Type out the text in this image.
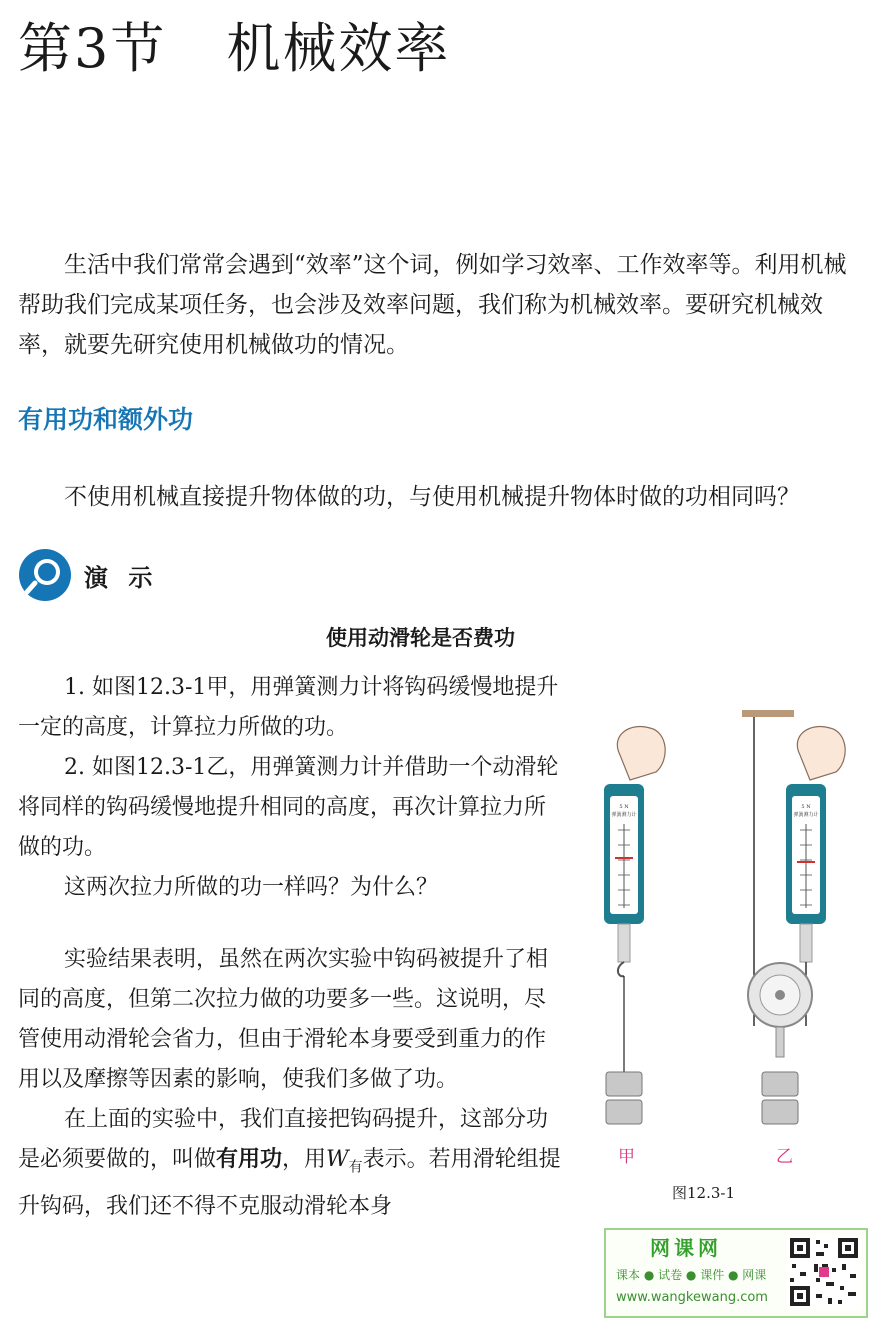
第3节 机械效率
生活中我们常常会遇到“效率”这个词，例如学习效率、工作效率等。利用机械帮助我们完成某项任务，也会涉及效率问题，我们称为机械效率。要研究机械效率，就要先研究使用机械做功的情况。
有用功和额外功
不使用机械直接提升物体做的功，与使用机械提升物体时做的功相同吗？
演 示
使用动滑轮是否费功

1. 如图12.3-1甲，用弹簧测力计将钩码缓慢地提升一定的高度，计算拉力所做的功。

2. 如图12.3-1乙，用弹簧测力计并借助一个动滑轮将同样的钩码缓慢地提升相同的高度，再次计算拉力所做的功。

这两次拉力所做的功一样吗？为什么？

实验结果表明，虽然在两次实验中钩码被提升了相同的高度，但第二次拉力做的功要多一些。这说明，尽管使用动滑轮会省力，但由于滑轮本身要受到重力的作用以及摩擦等因素的影响，使我们多做了功。

在上面的实验中，我们直接把钩码提升，这部分功是必须要做的，叫做有用功，用$W_有$表示。若用滑轮组提升钩码，我们还不得不克服动滑轮本身

5 N
弹簧测力计
5 N
弹簧测力计
甲	乙
图12.3-1
网课网
课本 ● 试卷 ● 课件 ● 网课
www.wangkewang.com
